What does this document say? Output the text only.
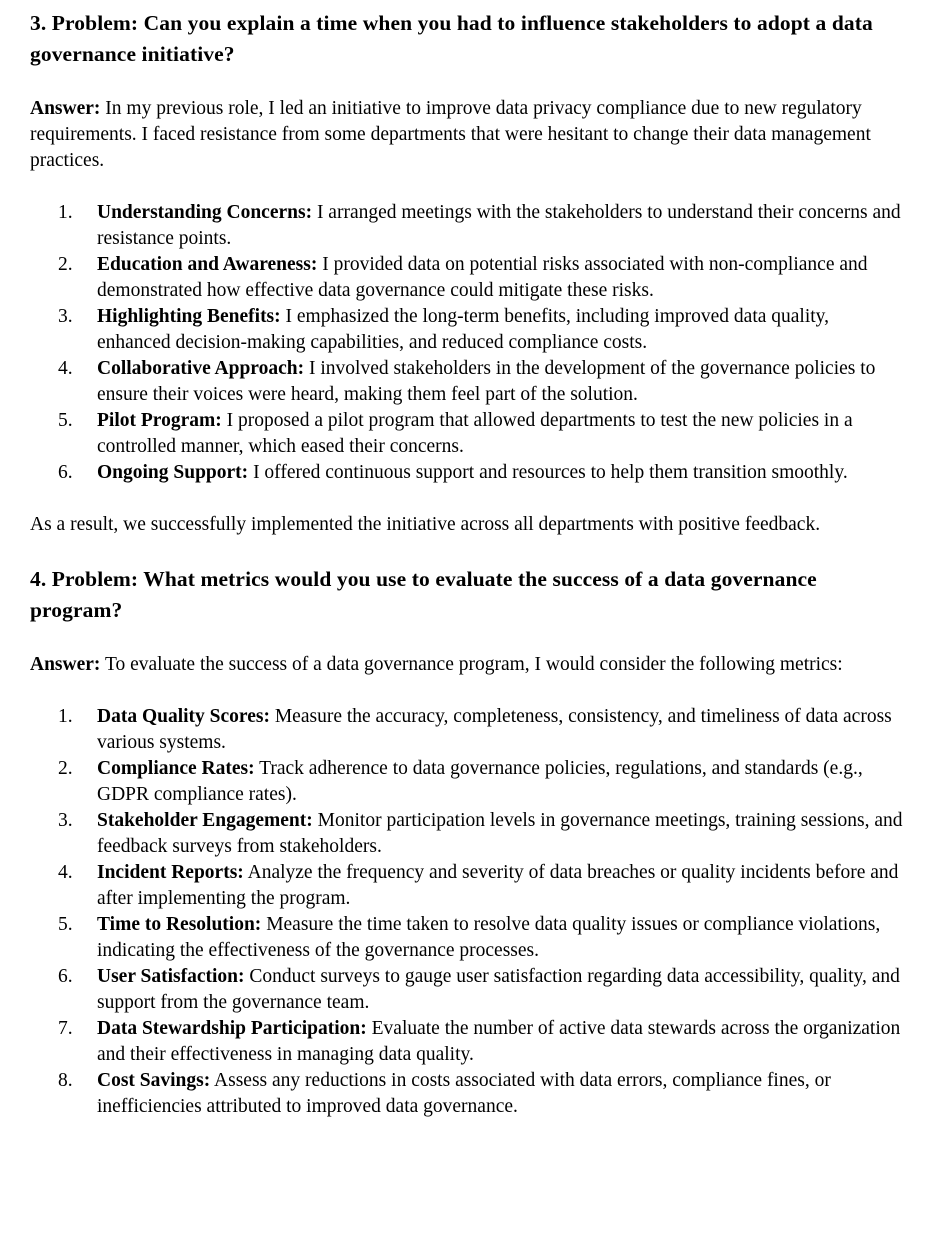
3. Problem: Can you explain a time when you had to influence stakeholders to adopt a data governance initiative?

Answer: In my previous role, I led an initiative to improve data privacy compliance due to new regulatory requirements. I faced resistance from some departments that were hesitant to change their data management practices.

Understanding Concerns: I arranged meetings with the stakeholders to understand their concerns and resistance points.
Education and Awareness: I provided data on potential risks associated with non-compliance and demonstrated how effective data governance could mitigate these risks.
Highlighting Benefits: I emphasized the long-term benefits, including improved data quality, enhanced decision-making capabilities, and reduced compliance costs.
Collaborative Approach: I involved stakeholders in the development of the governance policies to ensure their voices were heard, making them feel part of the solution.
Pilot Program: I proposed a pilot program that allowed departments to test the new policies in a controlled manner, which eased their concerns.
Ongoing Support: I offered continuous support and resources to help them transition smoothly.

As a result, we successfully implemented the initiative across all departments with positive feedback.

4. Problem: What metrics would you use to evaluate the success of a data governance program?

Answer: To evaluate the success of a data governance program, I would consider the following metrics:

Data Quality Scores: Measure the accuracy, completeness, consistency, and timeliness of data across various systems.
Compliance Rates: Track adherence to data governance policies, regulations, and standards (e.g., GDPR compliance rates).
Stakeholder Engagement: Monitor participation levels in governance meetings, training sessions, and feedback surveys from stakeholders.
Incident Reports: Analyze the frequency and severity of data breaches or quality incidents before and after implementing the program.
Time to Resolution: Measure the time taken to resolve data quality issues or compliance violations, indicating the effectiveness of the governance processes.
User Satisfaction: Conduct surveys to gauge user satisfaction regarding data accessibility, quality, and support from the governance team.
Data Stewardship Participation: Evaluate the number of active data stewards across the organization and their effectiveness in managing data quality.
Cost Savings: Assess any reductions in costs associated with data errors, compliance fines, or inefficiencies attributed to improved data governance.
